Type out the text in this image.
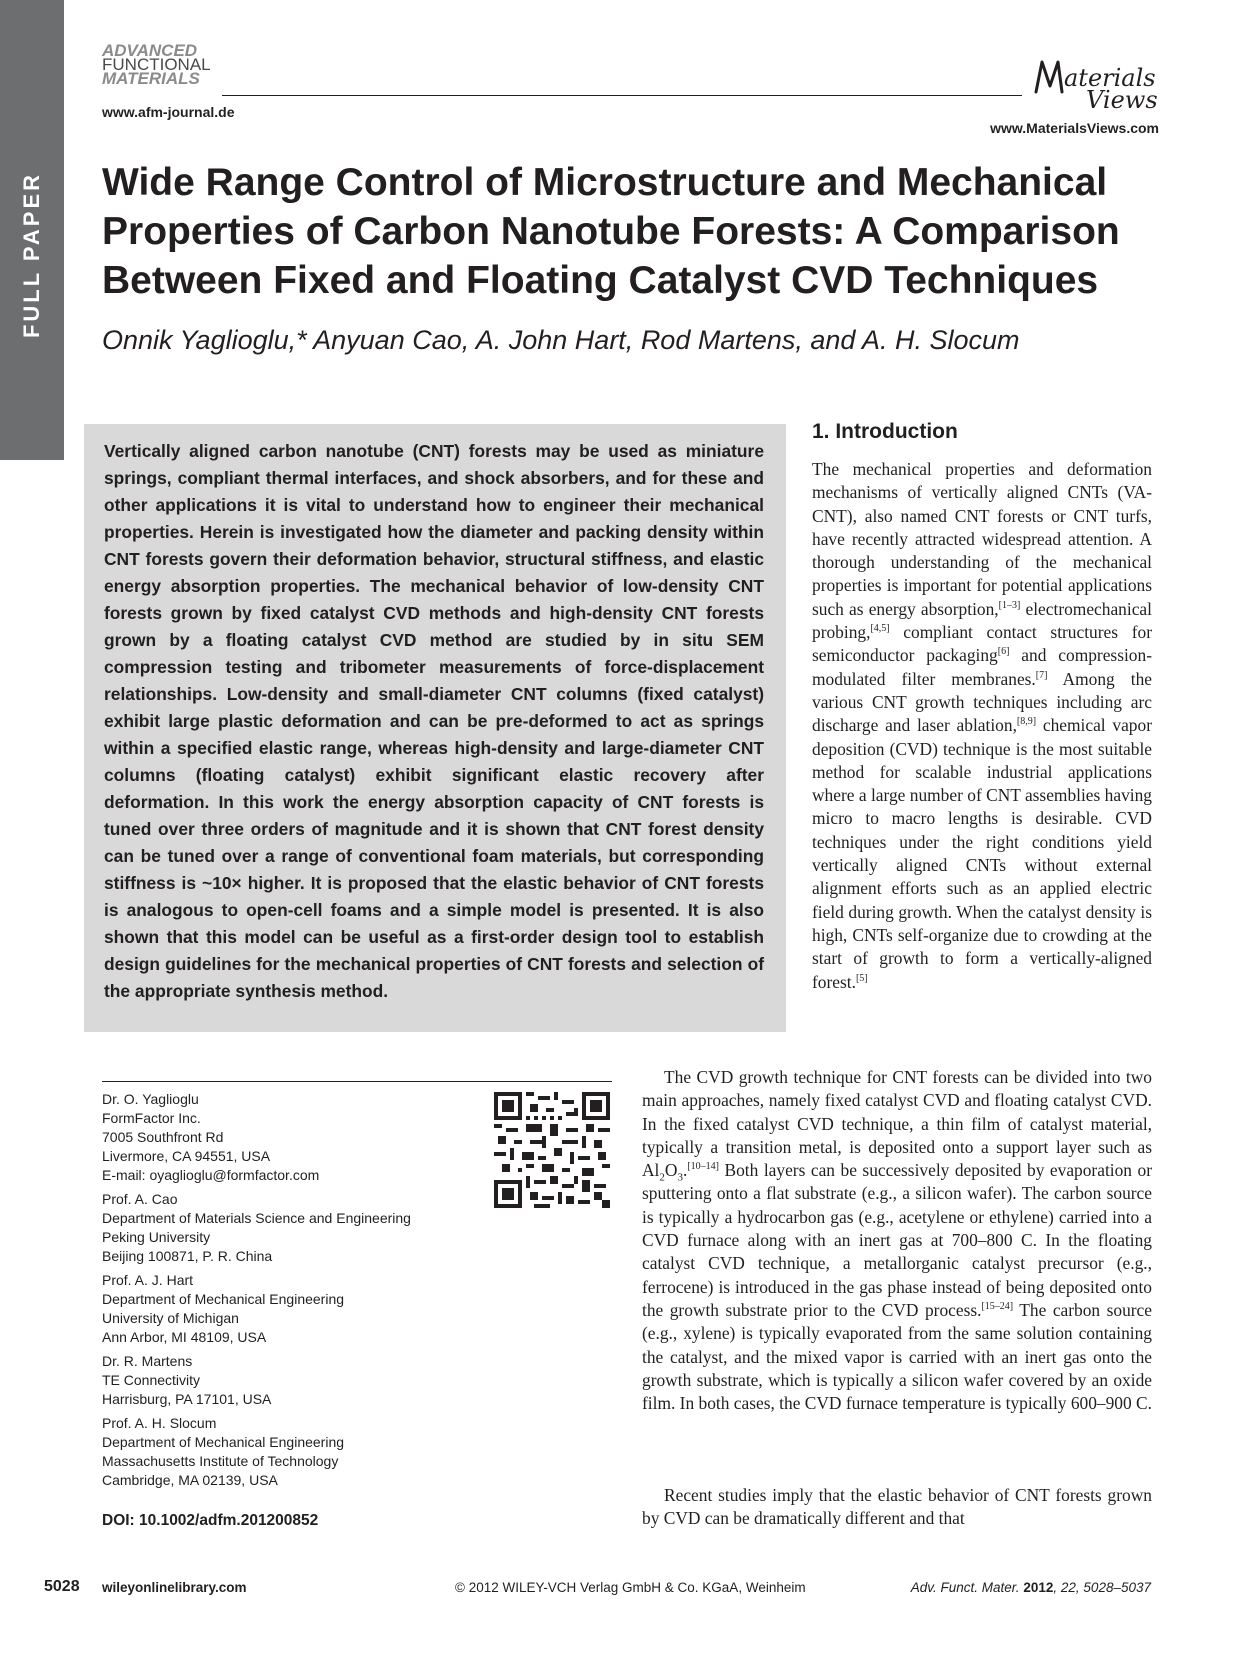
FULL PAPER
ADVANCED
FUNCTIONAL
MATERIALS
www.afm-journal.de
aterials
Views
www.MaterialsViews.com
Wide Range Control of Microstructure and Mechanical Properties of Carbon Nanotube Forests: A Comparison Between Fixed and Floating Catalyst CVD Techniques
Onnik Yaglioglu,* Anyuan Cao, A. John Hart, Rod Martens, and A. H. Slocum

Vertically aligned carbon nanotube (CNT) forests may be used as miniature springs, compliant thermal interfaces, and shock absorbers, and for these and other applications it is vital to understand how to engineer their mechanical properties. Herein is investigated how the diameter and packing density within CNT forests govern their deformation behavior, structural stiffness, and elastic energy absorption properties. The mechanical behavior of low-density CNT forests grown by fixed catalyst CVD methods and high-density CNT forests grown by a floating catalyst CVD method are studied by in situ SEM compression testing and tribometer measurements of force-displacement relationships. Low-density and small-diameter CNT columns (fixed catalyst) exhibit large plastic deformation and can be pre-deformed to act as springs within a specified elastic range, whereas high-density and large-diameter CNT columns (floating catalyst) exhibit significant elastic recovery after deformation. In this work the energy absorption capacity of CNT forests is tuned over three orders of magnitude and it is shown that CNT forest density can be tuned over a range of conventional foam materials, but corresponding stiffness is ~10× higher. It is proposed that the elastic behavior of CNT forests is analogous to open-cell foams and a simple model is presented. It is also shown that this model can be useful as a first-order design tool to establish design guidelines for the mechanical properties of CNT forests and selection of the appropriate synthesis method.

1. Introduction

The mechanical properties and deformation mechanisms of vertically aligned CNTs (VA-CNT), also named CNT forests or CNT turfs, have recently attracted widespread attention. A thorough understanding of the mechanical properties is important for potential applications such as energy absorption,[1–3] electromechanical probing,[4,5] compliant contact structures for semiconductor packaging[6] and compression-modulated filter membranes.[7] Among the various CNT growth techniques including arc discharge and laser ablation,[8,9] chemical vapor deposition (CVD) technique is the most suitable method for scalable industrial applications where a large number of CNT assemblies having micro to macro lengths is desirable. CVD techniques under the right conditions yield vertically aligned CNTs without external alignment efforts such as an applied electric field during growth. When the catalyst density is high, CNTs self-organize due to crowding at the start of growth to form a vertically-aligned forest.[5]

The CVD growth technique for CNT forests can be divided into two main approaches, namely fixed catalyst CVD and floating catalyst CVD. In the fixed catalyst CVD technique, a thin film of catalyst material, typically a transition metal, is deposited onto a support layer such as $Al_2O_3.[10-14]$ Both layers can be successively deposited by evaporation or sputtering onto a flat substrate (e.g., a silicon wafer). The carbon source is typically a hydrocarbon gas (e.g., acetylene or ethylene) carried into a CVD furnace along with an inert gas at 700–800 C. In the floating catalyst CVD technique, a metallorganic catalyst precursor (e.g., ferrocene) is introduced in the gas phase instead of being deposited onto the growth substrate prior to the CVD process.[15–24] The carbon source (e.g., xylene) is typically evaporated from the same solution containing the catalyst, and the mixed vapor is carried with an inert gas onto the growth substrate, which is typically a silicon wafer covered by an oxide film. In both cases, the CVD furnace temperature is typically 600–900 C.

Recent studies imply that the elastic behavior of CNT forests grown by CVD can be dramatically different and that

Dr. O. Yaglioglu
FormFactor Inc.
7005 Southfront Rd
Livermore, CA 94551, USA
E-mail: oyaglioglu@formfactor.com
Prof. A. Cao
Department of Materials Science and Engineering
Peking University
Beijing 100871, P. R. China
Prof. A. J. Hart
Department of Mechanical Engineering
University of Michigan
Ann Arbor, MI 48109, USA
Dr. R. Martens
TE Connectivity
Harrisburg, PA 17101, USA
Prof. A. H. Slocum
Department of Mechanical Engineering
Massachusetts Institute of Technology
Cambridge, MA 02139, USA
DOI: 10.1002/adfm.201200852
5028 wileyonlinelibrary.com	© 2012 WILEY-VCH Verlag GmbH & Co. KGaA, Weinheim	Adv. Funct. Mater. 2012, 22, 5028–5037
